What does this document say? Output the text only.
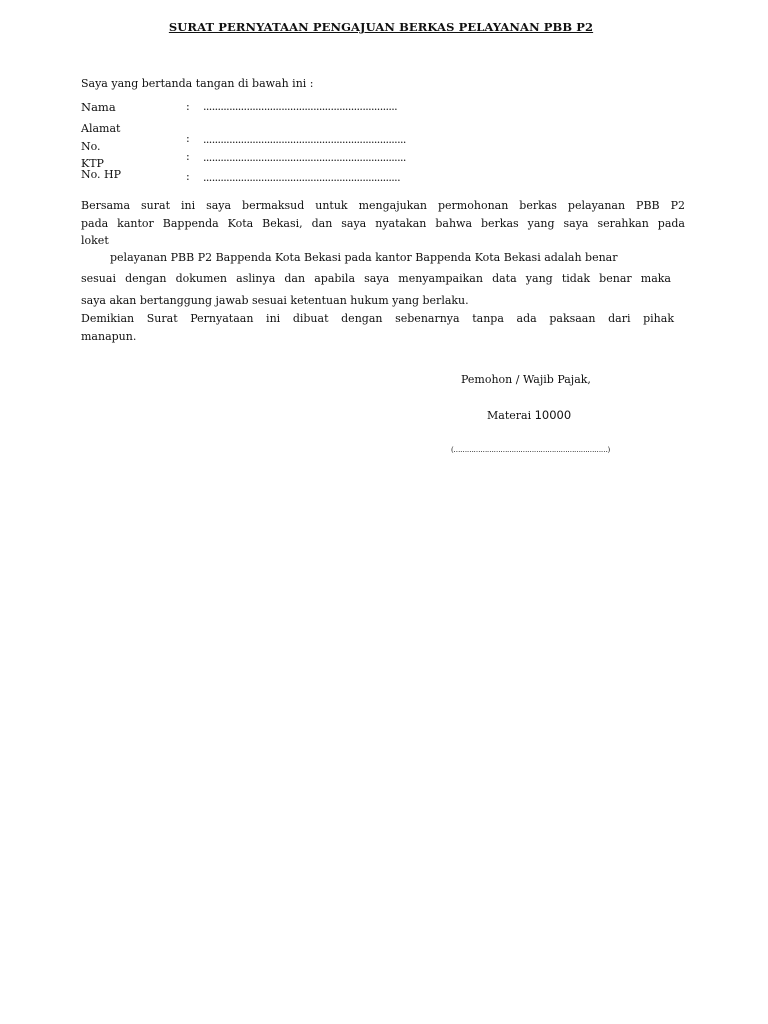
SURAT PERNYATAAN PENGAJUAN BERKAS PELAYANAN PBB P2
Saya yang bertanda tangan di bawah ini :
Nama	: ...................................................................
Alamat
: ......................................................................
No.
: ......................................................................
KTP
No. HP	: ....................................................................
Bersama surat ini saya bermaksud untuk mengajukan permohonan berkas pelayanan PBB P2
pada kantor Bappenda Kota Bekasi, dan saya nyatakan bahwa berkas yang saya serahkan pada
loket
pelayanan PBB P2 Bappenda Kota Bekasi pada kantor Bappenda Kota Bekasi adalah benar
sesuai dengan dokumen aslinya dan apabila saya menyampaikan data yang tidak benar maka
saya akan bertanggung jawab sesuai ketentuan hukum yang berlaku.
Demikian Surat Pernyataan ini dibuat dengan sebenarnya tanpa ada paksaan dari pihak
manapun.
Pemohon / Wajib Pajak,
Materai 10000
(……………………………………………………………)
